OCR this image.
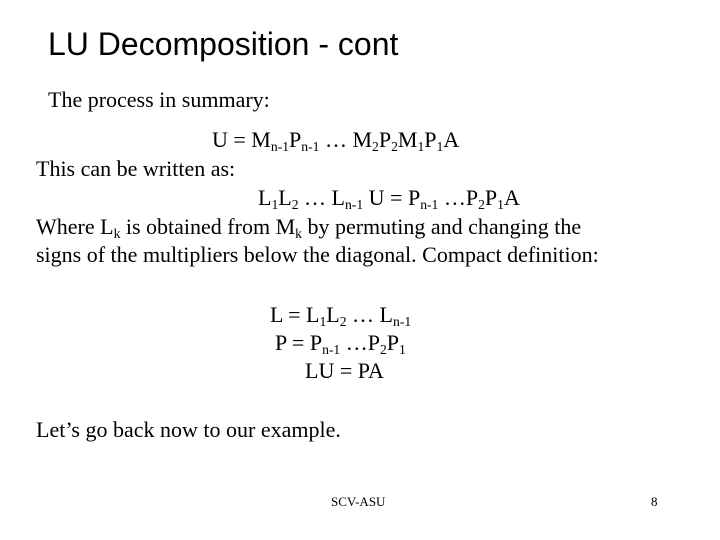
LU Decomposition - cont
The process in summary:
$U = M_{n-1}P_{n-1}$ … $M_2P_2M_1P_1A$
This can be written as:
$L_1L_2$ … $L_{n-1}$ $U = P_{n-1}$ $\dots P_2P_1A$
Where $L_k$ is obtained from $M_k$ by permuting and changing the
signs of the multipliers below the diagonal. Compact definition:
$L = L_1L_2$ … $L_{n-1}$
$P = P_{n-1}$ $\dots P_2P_1$
LU = PA
Let’s go back now to our example.
SCV-ASU	8
